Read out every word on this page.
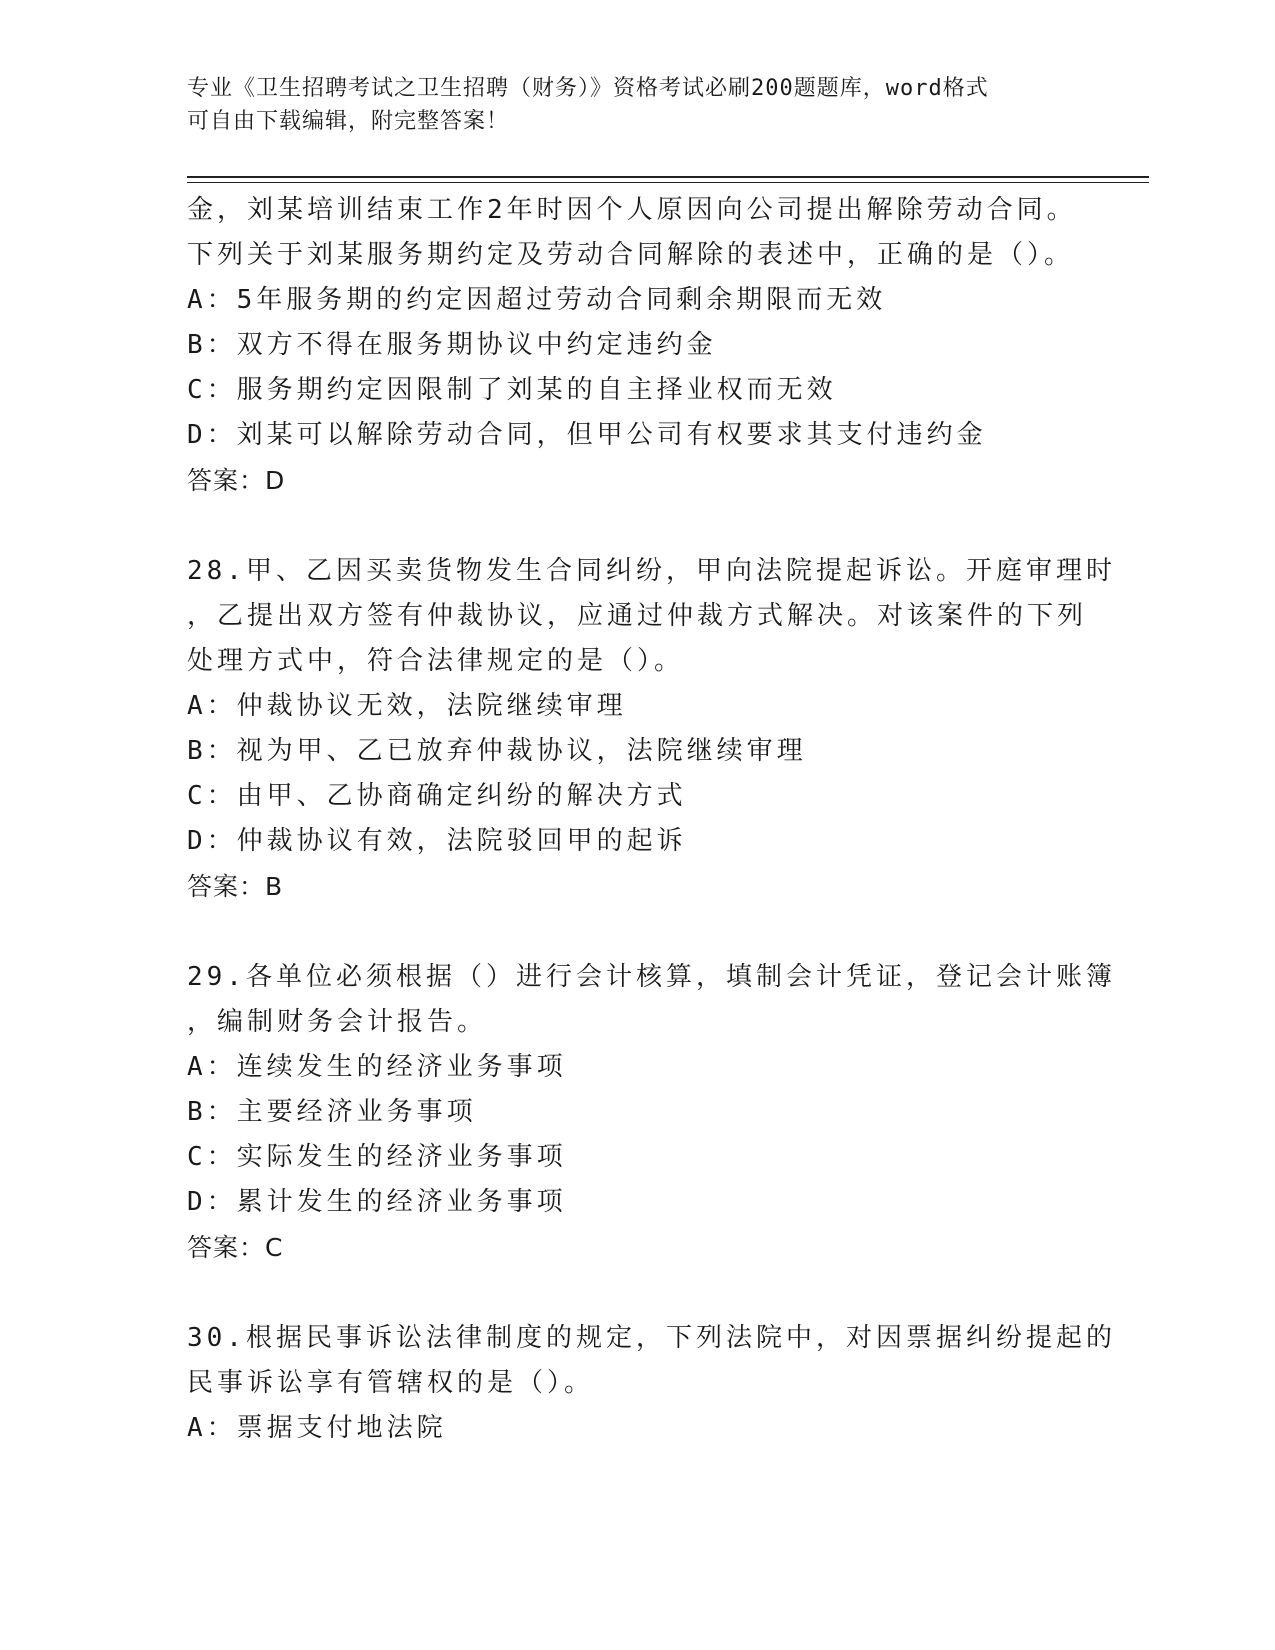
专业《卫生招聘考试之卫生招聘（财务）》资格考试必刷200题题库，word格式
可自由下载编辑，附完整答案！
金，刘某培训结束工作2年时因个人原因向公司提出解除劳动合同。
下列关于刘某服务期约定及劳动合同解除的表述中，正确的是（）。
A：5年服务期的约定因超过劳动合同剩余期限而无效
B：双方不得在服务期协议中约定违约金
C：服务期约定因限制了刘某的自主择业权而无效
D：刘某可以解除劳动合同，但甲公司有权要求其支付违约金
答案：D
28.甲、乙因买卖货物发生合同纠纷，甲向法院提起诉讼。开庭审理时
，乙提出双方签有仲裁协议，应通过仲裁方式解决。对该案件的下列
处理方式中，符合法律规定的是（）。
A：仲裁协议无效，法院继续审理
B：视为甲、乙已放弃仲裁协议，法院继续审理
C：由甲、乙协商确定纠纷的解决方式
D：仲裁协议有效，法院驳回甲的起诉
答案：B
29.各单位必须根据（）进行会计核算，填制会计凭证，登记会计账簿
，编制财务会计报告。
A：连续发生的经济业务事项
B：主要经济业务事项
C：实际发生的经济业务事项
D：累计发生的经济业务事项
答案：C
30.根据民事诉讼法律制度的规定，下列法院中，对因票据纠纷提起的
民事诉讼享有管辖权的是（）。
A：票据支付地法院
